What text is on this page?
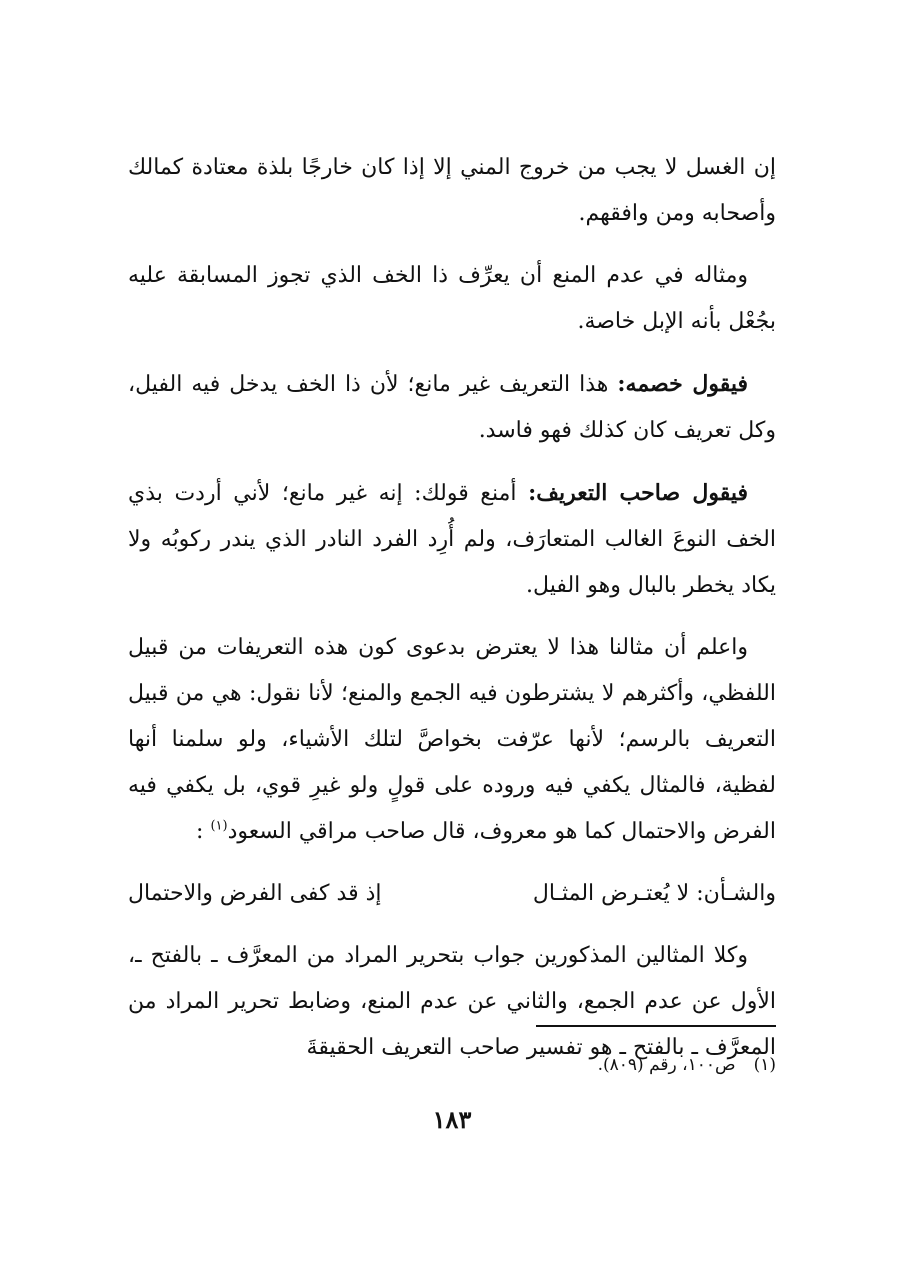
إن الغسل لا يجب من خروج المني إلا إذا كان خارجًا بلذة معتادة كمالك وأصحابه ومن وافقهم.

ومثاله في عدم المنع أن يعرِّف ذا الخف الذي تجوز المسابقة عليه بجُعْل بأنه الإبل خاصة.

فيقول خصمه: هذا التعريف غير مانع؛ لأن ذا الخف يدخل فيه الفيل، وكل تعريف كان كذلك فهو فاسد.

فيقول صاحب التعريف: أمنع قولك: إنه غير مانع؛ لأني أردت بذي الخف النوعَ الغالب المتعارَف، ولم أُرِد الفرد النادر الذي يندر ركوبُه ولا يكاد يخطر بالبال وهو الفيل.

واعلم أن مثالنا هذا لا يعترض بدعوى كون هذه التعريفات من قبيل اللفظي، وأكثرهم لا يشترطون فيه الجمع والمنع؛ لأنا نقول: هي من قبيل التعريف بالرسم؛ لأنها عرّفت بخواصَّ لتلك الأشياء، ولو سلمنا أنها لفظية، فالمثال يكفي فيه وروده على قولٍ ولو غيرِ قوي، بل يكفي فيه الفرض والاحتمال كما هو معروف، قال صاحب مراقي السعود$^{(١)}$ :

والشـأن: لا يُعتـرض المثـال
إذ قد كفى الفرض والاحتمال

وكلا المثالين المذكورين جواب بتحرير المراد من المعرَّف ـ بالفتح ـ، الأول عن عدم الجمع، والثاني عن عدم المنع، وضابط تحرير المراد من المعرَّف ـ بالفتح ـ هو تفسير صاحب التعريف الحقيقةَ

(١)ص١٠٠، رقم (٨٠٩).
١٨٣
